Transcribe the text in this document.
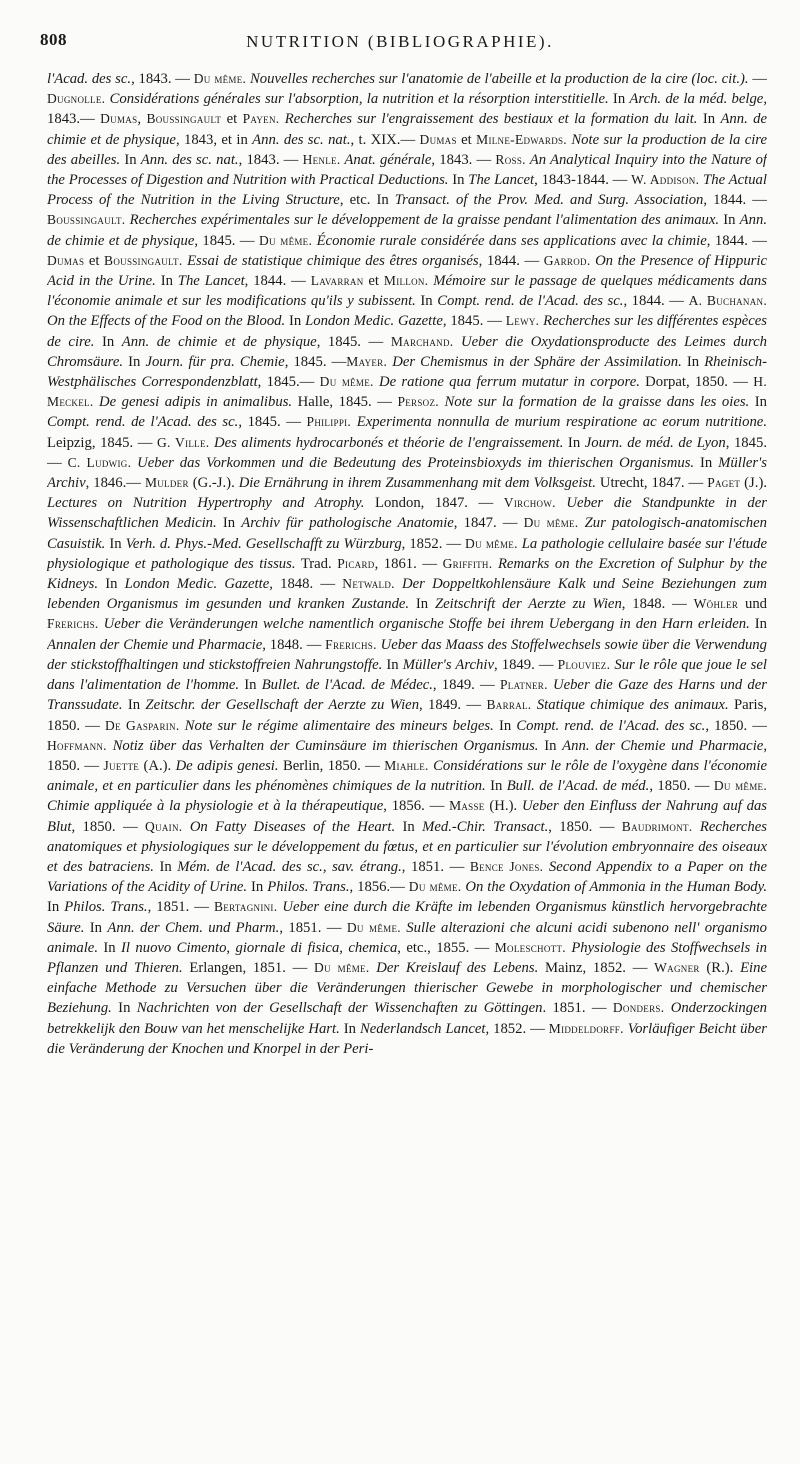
808	NUTRITION (BIBLIOGRAPHIE).

l'Acad. des sc., 1843. — Du même. Nouvelles recherches sur l'anatomie de l'abeille et la production de la cire (loc. cit.). — Dugnolle. Considérations générales sur l'absorption, la nutrition et la résorption interstitielle. In Arch. de la méd. belge, 1843.— Dumas, Boussingault et Payen. Recherches sur l'engraissement des bestiaux et la formation du lait. In Ann. de chimie et de physique, 1843, et in Ann. des sc. nat., t. XIX.— Dumas et Milne-Edwards. Note sur la production de la cire des abeilles. In Ann. des sc. nat., 1843. — Henle. Anat. générale, 1843. — Ross. An Analytical Inquiry into the Nature of the Processes of Digestion and Nutrition with Practical Deductions. In The Lancet, 1843-1844. — W. Addison. The Actual Process of the Nutrition in the Living Structure, etc. In Transact. of the Prov. Med. and Surg. Association, 1844. — Boussingault. Recherches expérimentales sur le développement de la graisse pendant l'alimentation des animaux. In Ann. de chimie et de physique, 1845. — Du même. Économie rurale considérée dans ses applications avec la chimie, 1844. — Dumas et Boussingault. Essai de statistique chimique des êtres organisés, 1844. — Garrod. On the Presence of Hippuric Acid in the Urine. In The Lancet, 1844. — Lavarran et Millon. Mémoire sur le passage de quelques médicaments dans l'économie animale et sur les modifications qu'ils y subissent. In Compt. rend. de l'Acad. des sc., 1844. — A. Buchanan. On the Effects of the Food on the Blood. In London Medic. Gazette, 1845. — Lewy. Recherches sur les différentes espèces de cire. In Ann. de chimie et de physique, 1845. — Marchand. Ueber die Oxydationsproducte des Leimes durch Chromsäure. In Journ. für pra. Chemie, 1845. —Mayer. Der Chemismus in der Sphäre der Assimilation. In Rheinisch-Westphälisches Correspondenzblatt, 1845.— Du même. De ratione qua ferrum mutatur in corpore. Dorpat, 1850. — H. Meckel. De genesi adipis in animalibus. Halle, 1845. — Persoz. Note sur la formation de la graisse dans les oies. In Compt. rend. de l'Acad. des sc., 1845. — Philippi. Experimenta nonnulla de murium respiratione ac eorum nutritione. Leipzig, 1845. — G. Ville. Des aliments hydrocarbonés et théorie de l'engraissement. In Journ. de méd. de Lyon, 1845. — C. Ludwig. Ueber das Vorkommen und die Bedeutung des Proteinsbioxyds im thierischen Organismus. In Müller's Archiv, 1846.— Mulder (G.-J.). Die Ernährung in ihrem Zusammenhang mit dem Volksgeist. Utrecht, 1847. — Paget (J.). Lectures on Nutrition Hypertrophy and Atrophy. London, 1847. — Virchow. Ueber die Standpunkte in der Wissenschaftlichen Medicin. In Archiv für pathologische Anatomie, 1847. — Du même. Zur patologisch-anatomischen Casuistik. In Verh. d. Phys.-Med. Gesellschafft zu Würzburg, 1852. — Du même. La pathologie cellulaire basée sur l'étude physiologique et pathologique des tissus. Trad. Picard, 1861. — Griffith. Remarks on the Excretion of Sulphur by the Kidneys. In London Medic. Gazette, 1848. — Netwald. Der Doppeltkohlensäure Kalk und Seine Beziehungen zum lebenden Organismus im gesunden und kranken Zustande. In Zeitschrift der Aerzte zu Wien, 1848. — Wöhler und Frerichs. Ueber die Veränderungen welche namentlich organische Stoffe bei ihrem Uebergang in den Harn erleiden. In Annalen der Chemie und Pharmacie, 1848. — Frerichs. Ueber das Maass des Stoffelwechsels sowie über die Verwendung der stickstoffhaltingen und stickstoffreien Nahrungstoffe. In Müller's Archiv, 1849. — Plouviez. Sur le rôle que joue le sel dans l'alimentation de l'homme. In Bullet. de l'Acad. de Médec., 1849. — Platner. Ueber die Gaze des Harns und der Transsudate. In Zeitschr. der Gesellschaft der Aerzte zu Wien, 1849. — Barral. Statique chimique des animaux. Paris, 1850. — De Gasparin. Note sur le régime alimentaire des mineurs belges. In Compt. rend. de l'Acad. des sc., 1850. — Hoffmann. Notiz über das Verhalten der Cuminsäure im thierischen Organismus. In Ann. der Chemie und Pharmacie, 1850. — Juette (A.). De adipis genesi. Berlin, 1850. — Miahle. Considérations sur le rôle de l'oxygène dans l'économie animale, et en particulier dans les phénomènes chimiques de la nutrition. In Bull. de l'Acad. de méd., 1850. — Du même. Chimie appliquée à la physiologie et à la thérapeutique, 1856. — Masse (H.). Ueber den Einfluss der Nahrung auf das Blut, 1850. — Quain. On Fatty Diseases of the Heart. In Med.-Chir. Transact., 1850. — Baudrimont. Recherches anatomiques et physiologiques sur le développement du fœtus, et en particulier sur l'évolution embryonnaire des oiseaux et des batraciens. In Mém. de l'Acad. des sc., sav. étrang., 1851. — Bence Jones. Second Appendix to a Paper on the Variations of the Acidity of Urine. In Philos. Trans., 1856.— Du même. On the Oxydation of Ammonia in the Human Body. In Philos. Trans., 1851. — Bertagnini. Ueber eine durch die Kräfte im lebenden Organismus künstlich hervorgebrachte Säure. In Ann. der Chem. und Pharm., 1851. — Du même. Sulle alterazioni che alcuni acidi subenono nell' organismo animale. In Il nuovo Cimento, giornale di fisica, chemica, etc., 1855. — Moleschott. Physiologie des Stoffwechsels in Pflanzen und Thieren. Erlangen, 1851. — Du même. Der Kreislauf des Lebens. Mainz, 1852. — Wagner (R.). Eine einfache Methode zu Versuchen über die Veränderungen thierischer Gewebe in morphologischer und chemischer Beziehung. In Nachrichten von der Gesellschaft der Wissenchaften zu Göttingen. 1851. — Donders. Onderzockingen betrekkelijk den Bouw van het menschelijke Hart. In Nederlandsch Lancet, 1852. — Middeldorff. Vorläufiger Beicht über die Veränderung der Knochen und Knorpel in der Peri-
